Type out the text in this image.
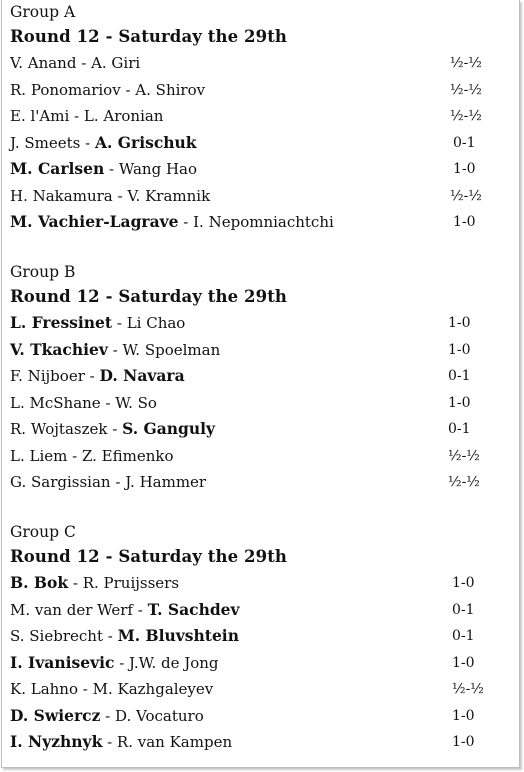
Group A
Round 12 - Saturday the 29th
V. Anand - A. Giri	½-½
R. Ponomariov - A. Shirov	½-½
E. l'Ami - L. Aronian	½-½
J. Smeets - A. Grischuk	0-1
M. Carlsen - Wang Hao	1-0
H. Nakamura - V. Kramnik	½-½
M. Vachier-Lagrave - I. Nepomniachtchi	1-0
Group B
Round 12 - Saturday the 29th
L. Fressinet - Li Chao	1-0
V. Tkachiev - W. Spoelman	1-0
F. Nijboer - D. Navara	0-1
L. McShane - W. So	1-0
R. Wojtaszek - S. Ganguly	0-1
L. Liem - Z. Efimenko	½-½
G. Sargissian - J. Hammer	½-½
Group C
Round 12 - Saturday the 29th
B. Bok - R. Pruijssers	1-0
M. van der Werf - T. Sachdev	0-1
S. Siebrecht - M. Bluvshtein	0-1
I. Ivanisevic - J.W. de Jong	1-0
K. Lahno - M. Kazhgaleyev	½-½
D. Swiercz - D. Vocaturo	1-0
I. Nyzhnyk - R. van Kampen	1-0
